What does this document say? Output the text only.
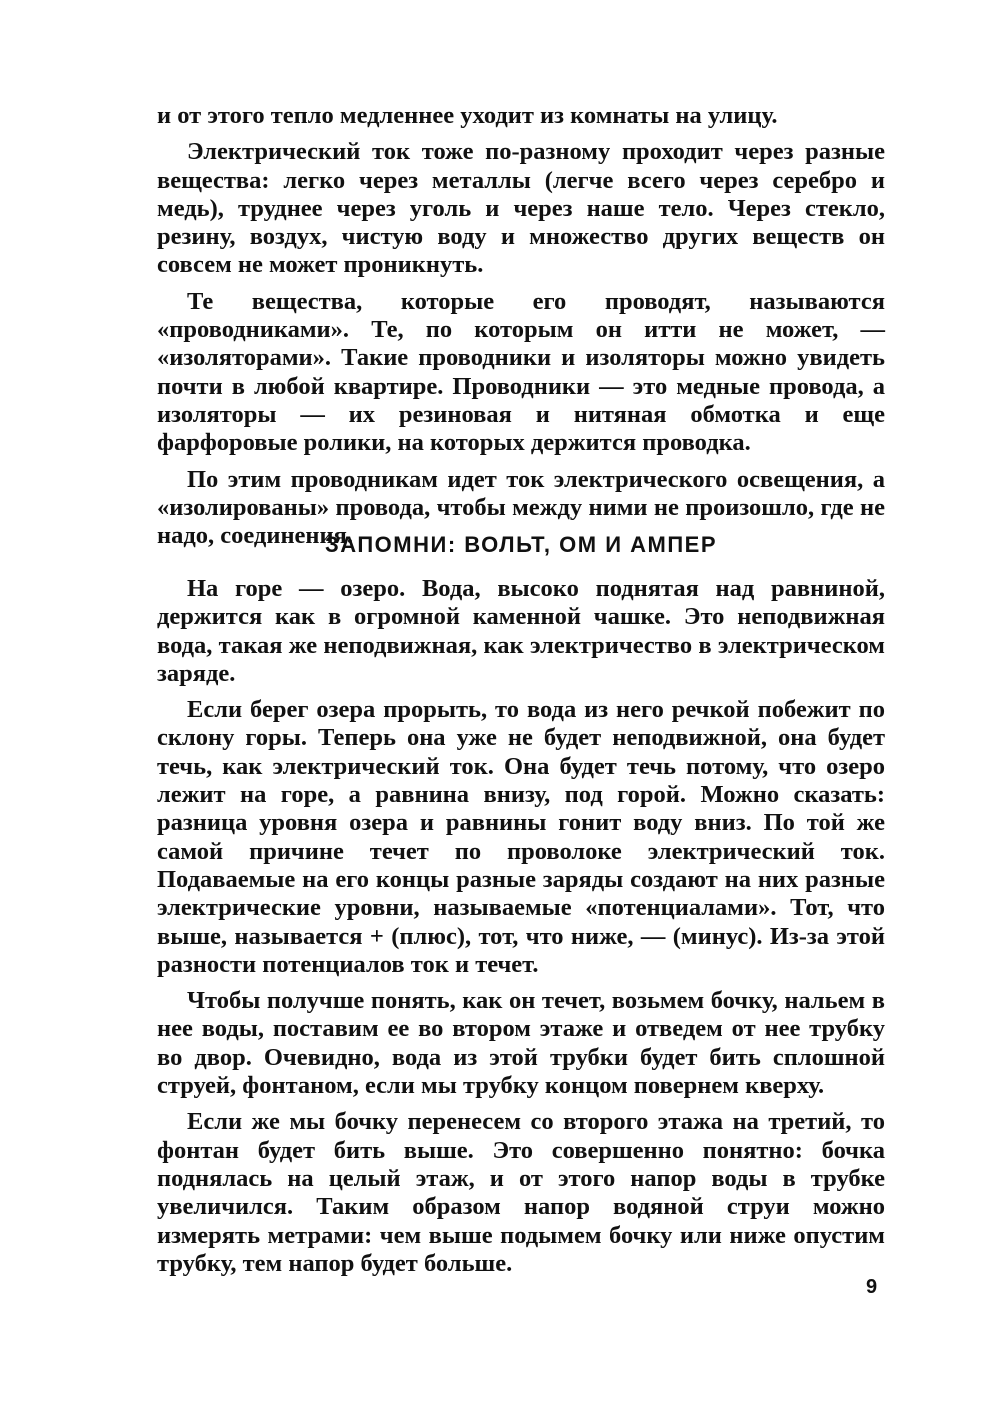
и от этого тепло медленнее уходит из комнаты на улицу.

Электрический ток тоже по-разному проходит через разные вещества: легко через металлы (легче всего через серебро и медь), труднее через уголь и через наше тело. Через стекло, резину, воздух, чистую воду и множество других веществ он совсем не может проникнуть.

Те вещества, которые его проводят, называются «проводниками». Те, по которым он итти не может, — «изоляторами». Такие проводники и изоляторы можно увидеть почти в любой квартире. Проводники — это медные провода, а изоляторы — их резиновая и нитяная обмотка и еще фарфоровые ролики, на которых держится проводка.

По этим проводникам идет ток электрического освещения, а «изолированы» провода, чтобы между ними не произошло, где не надо, соединения.

ЗАПОМНИ: ВОЛЬТ, ОМ И АМПЕР

На горе — озеро. Вода, высоко поднятая над равниной, держится как в огромной каменной чашке. Это неподвижная вода, такая же неподвижная, как электричество в электрическом заряде.

Если берег озера прорыть, то вода из него речкой побежит по склону горы. Теперь она уже не будет неподвижной, она будет течь, как электрический ток. Она будет течь потому, что озеро лежит на горе, а равнина внизу, под горой. Можно сказать: разница уровня озера и равнины гонит воду вниз. По той же самой причине течет по проволоке электрический ток. Подаваемые на его концы разные заряды создают на них разные электрические уровни, называемые «потенциалами». Тот, что выше, называется + (плюс), тот, что ниже, — (минус). Из-за этой разности потенциалов ток и течет.

Чтобы получше понять, как он течет, возьмем бочку, нальем в нее воды, поставим ее во втором этаже и отведем от нее трубку во двор. Очевидно, вода из этой трубки будет бить сплошной струей, фонтаном, если мы трубку концом повернем кверху.

Если же мы бочку перенесем со второго этажа на третий, то фонтан будет бить выше. Это совершенно понятно: бочка поднялась на целый этаж, и от этого напор воды в трубке увеличился. Таким образом напор водяной струи можно измерять метрами: чем выше подымем бочку или ниже опустим трубку, тем напор будет больше.

9
